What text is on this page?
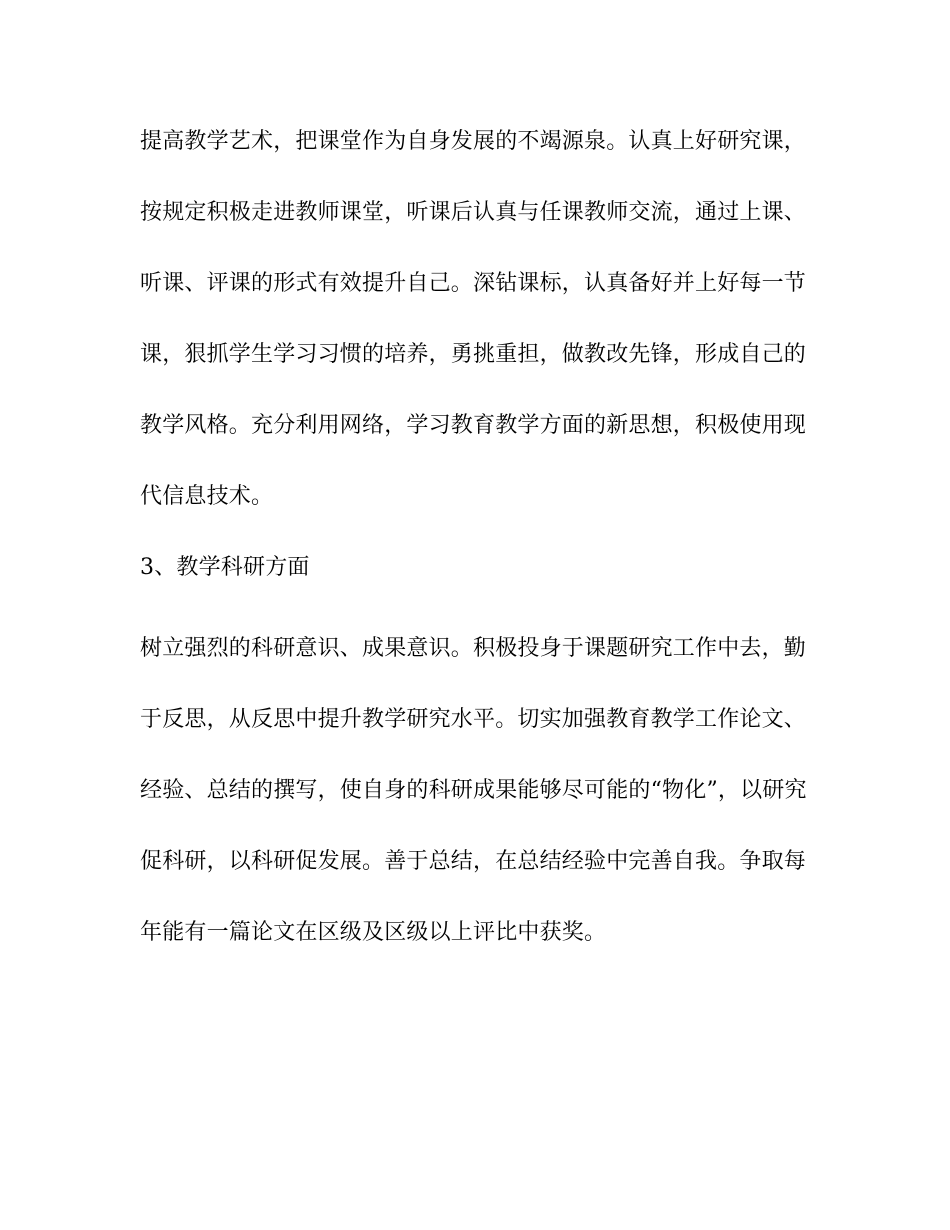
提高教学艺术，把课堂作为自身发展的不竭源泉。认真上好研究课，

按规定积极走进教师课堂，听课后认真与任课教师交流，通过上课、

听课、评课的形式有效提升自己。深钻课标，认真备好并上好每一节

课，狠抓学生学习习惯的培养，勇挑重担，做教改先锋，形成自己的

教学风格。充分利用网络，学习教育教学方面的新思想，积极使用现

代信息技术。

3、教学科研方面

树立强烈的科研意识、成果意识。积极投身于课题研究工作中去，勤

于反思，从反思中提升教学研究水平。切实加强教育教学工作论文、

经验、总结的撰写，使自身的科研成果能够尽可能的“物化”，以研究

促科研，以科研促发展。善于总结，在总结经验中完善自我。争取每

年能有一篇论文在区级及区级以上评比中获奖。
